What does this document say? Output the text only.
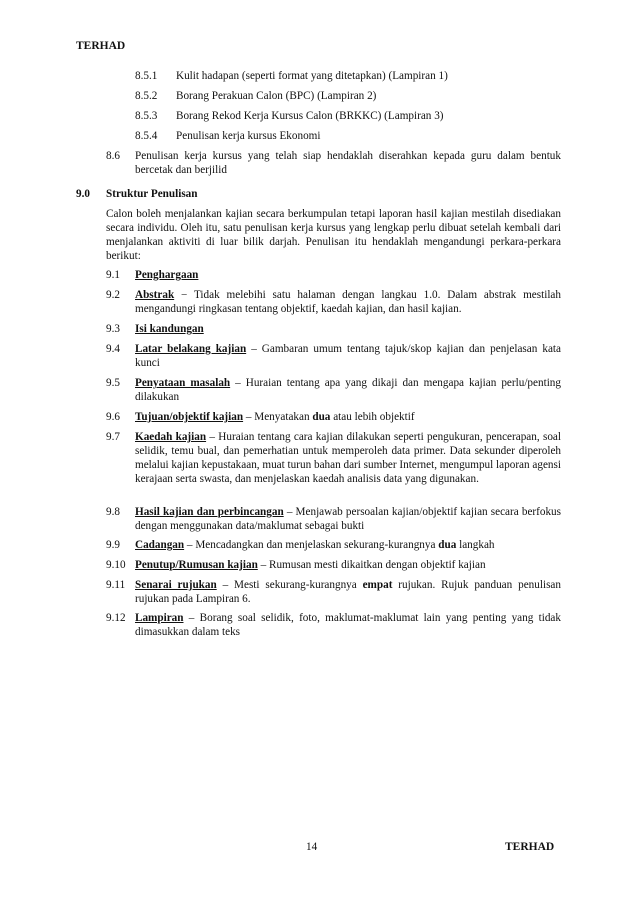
TERHAD
8.5.1 Kulit hadapan (seperti format yang ditetapkan) (Lampiran 1)
8.5.2 Borang Perakuan Calon (BPC) (Lampiran 2)
8.5.3 Borang Rekod Kerja Kursus Calon (BRKKC) (Lampiran 3)
8.5.4 Penulisan kerja kursus Ekonomi
8.6 Penulisan kerja kursus yang telah siap hendaklah diserahkan kepada guru dalam bentuk bercetak dan berjilid
9.0 Struktur Penulisan
Calon boleh menjalankan kajian secara berkumpulan tetapi laporan hasil kajian mestilah disediakan secara individu. Oleh itu, satu penulisan kerja kursus yang lengkap perlu dibuat setelah kembali dari menjalankan aktiviti di luar bilik darjah. Penulisan itu hendaklah mengandungi perkara-perkara berikut:
9.1 Penghargaan
9.2 Abstrak − Tidak melebihi satu halaman dengan langkau 1.0. Dalam abstrak mestilah mengandungi ringkasan tentang objektif, kaedah kajian, dan hasil kajian.
9.3 Isi kandungan
9.4 Latar belakang kajian – Gambaran umum tentang tajuk/skop kajian dan penjelasan kata kunci
9.5 Penyataan masalah – Huraian tentang apa yang dikaji dan mengapa kajian perlu/penting dilakukan
9.6 Tujuan/objektif kajian – Menyatakan dua atau lebih objektif
9.7 Kaedah kajian – Huraian tentang cara kajian dilakukan seperti pengukuran, pencerapan, soal selidik, temu bual, dan pemerhatian untuk memperoleh data primer. Data sekunder diperoleh melalui kajian kepustakaan, muat turun bahan dari sumber Internet, mengumpul laporan agensi kerajaan serta swasta, dan menjelaskan kaedah analisis data yang digunakan.
9.8 Hasil kajian dan perbincangan – Menjawab persoalan kajian/objektif kajian secara berfokus dengan menggunakan data/maklumat sebagai bukti
9.9 Cadangan – Mencadangkan dan menjelaskan sekurang-kurangnya dua langkah
9.10 Penutup/Rumusan kajian – Rumusan mesti dikaitkan dengan objektif kajian
9.11 Senarai rujukan – Mesti sekurang-kurangnya empat rujukan. Rujuk panduan penulisan rujukan pada Lampiran 6.
9.12 Lampiran – Borang soal selidik, foto, maklumat-maklumat lain yang penting yang tidak dimasukkan dalam teks
14	TERHAD
